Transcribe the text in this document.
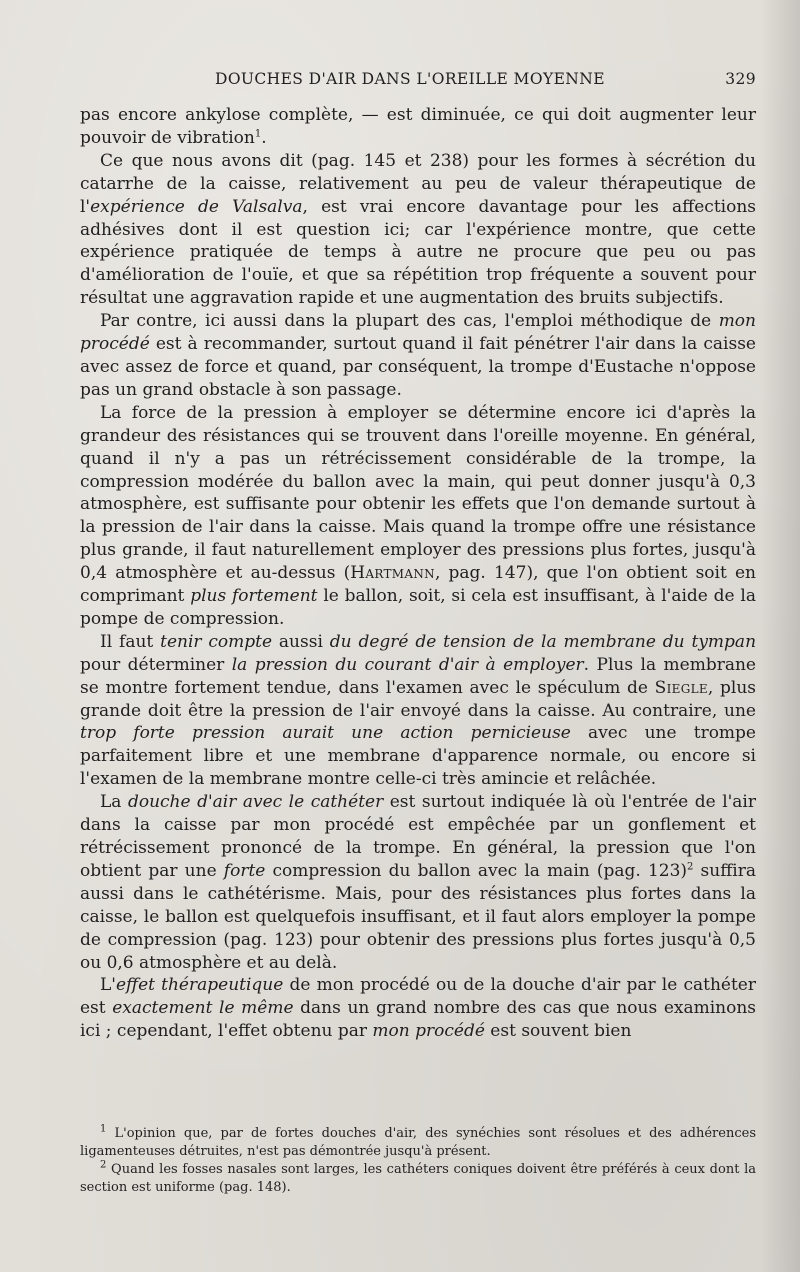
DOUCHES D'AIR DANS L'OREILLE MOYENNE	329

pas encore ankylose complète, — est diminuée, ce qui doit augmenter leur pouvoir de vibration$^1$.

Ce que nous avons dit (pag. 145 et 238) pour les formes à sécrétion du catarrhe de la caisse, relativement au peu de valeur thérapeutique de l'expérience de Valsalva, est vrai encore davantage pour les affections adhésives dont il est question ici; car l'expérience montre, que cette expérience pratiquée de temps à autre ne procure que peu ou pas d'amélioration de l'ouïe, et que sa répétition trop fréquente a souvent pour résultat une aggravation rapide et une augmentation des bruits subjectifs.

Par contre, ici aussi dans la plupart des cas, l'emploi méthodique de mon procédé est à recommander, surtout quand il fait pénétrer l'air dans la caisse avec assez de force et quand, par conséquent, la trompe d'Eustache n'oppose pas un grand obstacle à son passage.

La force de la pression à employer se détermine encore ici d'après la grandeur des résistances qui se trouvent dans l'oreille moyenne. En général, quand il n'y a pas un rétrécissement considérable de la trompe, la compression modérée du ballon avec la main, qui peut donner jusqu'à 0,3 atmosphère, est suffisante pour obtenir les effets que l'on demande surtout à la pression de l'air dans la caisse. Mais quand la trompe offre une résistance plus grande, il faut naturellement employer des pressions plus fortes, jusqu'à 0,4 atmosphère et au-dessus (Hartmann, pag. 147), que l'on obtient soit en comprimant plus fortement le ballon, soit, si cela est insuffisant, à l'aide de la pompe de compression.

Il faut tenir compte aussi du degré de tension de la membrane du tympan pour déterminer la pression du courant d'air à employer. Plus la membrane se montre fortement tendue, dans l'examen avec le spéculum de Siegle, plus grande doit être la pression de l'air envoyé dans la caisse. Au contraire, une trop forte pression aurait une action pernicieuse avec une trompe parfaitement libre et une membrane d'apparence normale, ou encore si l'examen de la membrane montre celle-ci très amincie et relâchée.

La douche d'air avec le cathéter est surtout indiquée là où l'entrée de l'air dans la caisse par mon procédé est empêchée par un gonflement et rétrécissement prononcé de la trompe. En général, la pression que l'on obtient par une forte compression du ballon avec la main (pag. 123)$^2$ suffira aussi dans le cathétérisme. Mais, pour des résistances plus fortes dans la caisse, le ballon est quelquefois insuffisant, et il faut alors employer la pompe de compression (pag. 123) pour obtenir des pressions plus fortes jusqu'à 0,5 ou 0,6 atmosphère et au delà.

L'effet thérapeutique de mon procédé ou de la douche d'air par le cathéter est exactement le même dans un grand nombre des cas que nous examinons ici ; cependant, l'effet obtenu par mon procédé est souvent bien

$^1$ L'opinion que, par de fortes douches d'air, des synéchies sont résolues et des adhérences ligamenteuses détruites, n'est pas démontrée jusqu'à présent.

$^2$ Quand les fosses nasales sont larges, les cathéters coniques doivent être préférés à ceux dont la section est uniforme (pag. 148).
